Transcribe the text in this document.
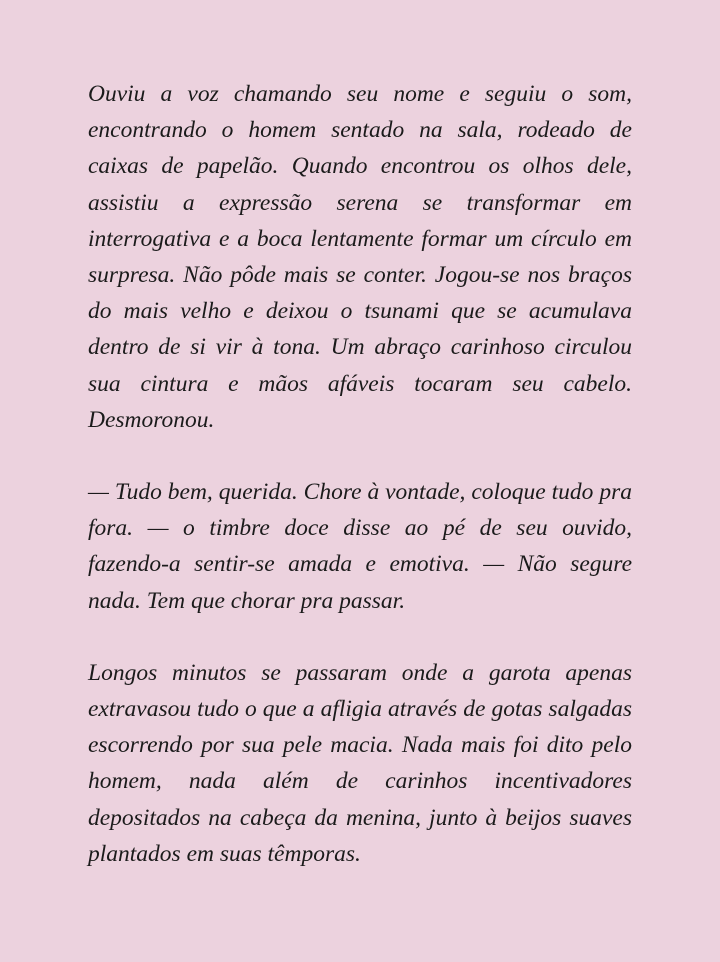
Ouviu a voz chamando seu nome e seguiu o som, encontrando o homem sentado na sala, rodeado de caixas de papelão. Quando encontrou os olhos dele, assistiu a expressão serena se transformar em interrogativa e a boca lentamente formar um círculo em surpresa. Não pôde mais se conter. Jogou-se nos braços do mais velho e deixou o tsunami que se acumulava dentro de si vir à tona. Um abraço carinhoso circulou sua cintura e mãos afáveis tocaram seu cabelo. Desmoronou.

— Tudo bem, querida. Chore à vontade, coloque tudo pra fora. — o timbre doce disse ao pé de seu ouvido, fazendo-a sentir-se amada e emotiva. — Não segure nada. Tem que chorar pra passar.

Longos minutos se passaram onde a garota apenas extravasou tudo o que a afligia através de gotas salgadas escorrendo por sua pele macia. Nada mais foi dito pelo homem, nada além de carinhos incentivadores depositados na cabeça da menina, junto à beijos suaves plantados em suas têmporas.
